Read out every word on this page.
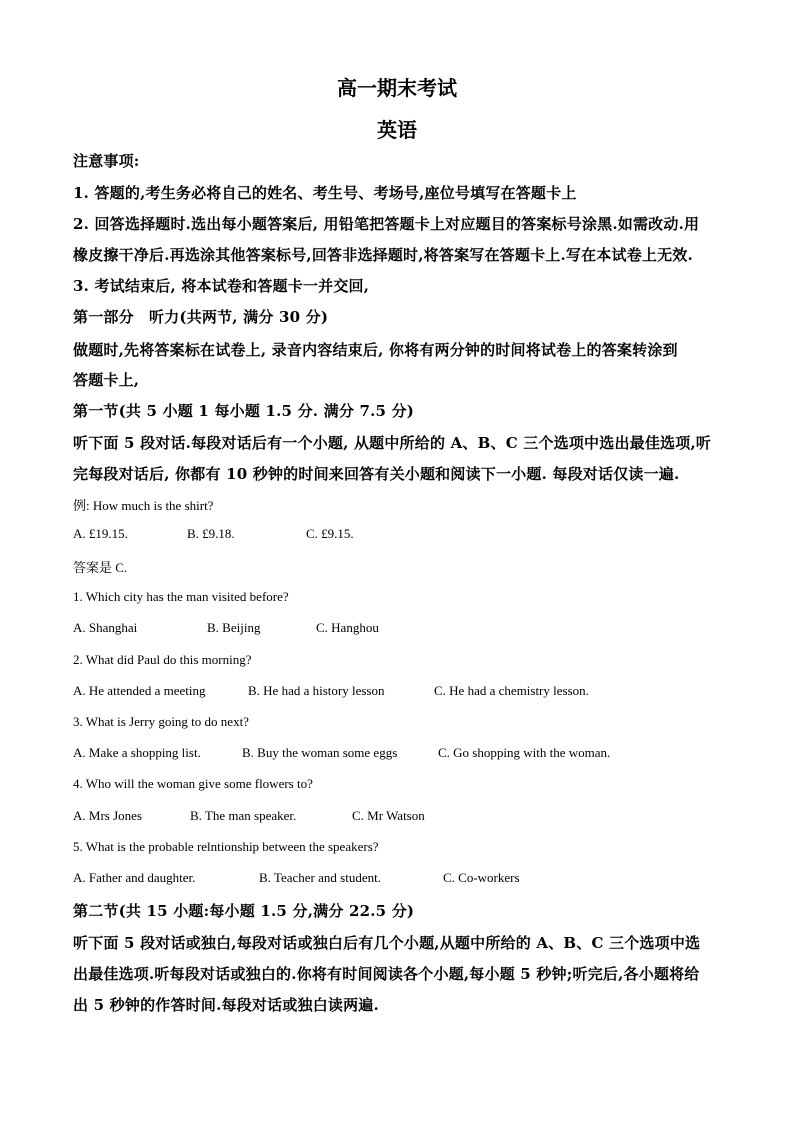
高一期末考试
英语
注意事项:
1. 答题的,考生务必将自己的姓名、考生号、考场号,座位号填写在答题卡上
2. 回答选择题时.选出每小题答案后, 用铅笔把答题卡上对应题目的答案标号涂黑.如需改动.用
橡皮擦干净后.再选涂其他答案标号,回答非选择题时,将答案写在答题卡上.写在本试卷上无效.
3. 考试结束后, 将本试卷和答题卡一并交回,
第一部分　听力(共两节, 满分 30 分)
做题时,先将答案标在试卷上, 录音内容结束后, 你将有两分钟的时间将试卷上的答案转涂到
答题卡上,
第一节(共 5 小题 1 每小题 1.5 分. 满分 7.5 分)
听下面 5 段对话.每段对话后有一个小题, 从题中所给的 A、B、C 三个选项中选出最佳选项,听
完每段对话后, 你都有 10 秒钟的时间来回答有关小题和阅读下一小题. 每段对话仅读一遍.
例: How much is the shirt?
A. £19.15.	B. £9.18.	C. £9.15.
答案是 C.
1. Which city has the man visited before?
A. Shanghai	B. Beijing	C. Hanghou
2. What did Paul do this morning?
A. He attended a meeting	B. He had a history lesson	C. He had a chemistry lesson.
3. What is Jerry going to do next?
A. Make a shopping list.	B. Buy the woman some eggs	C. Go shopping with the woman.
4. Who will the woman give some flowers to?
A. Mrs Jones	B. The man speaker.	C. Mr Watson
5. What is the probable relntionship between the speakers?
A. Father and daughter.	B. Teacher and student.	C. Co-workers
第二节(共 15 小题:每小题 1.5 分,满分 22.5 分)
听下面 5 段对话或独白,每段对话或独白后有几个小题,从题中所给的 A、B、C 三个选项中选
出最佳选项.听每段对话或独白的.你将有时间阅读各个小题,每小题 5 秒钟;听完后,各小题将给
出 5 秒钟的作答时间.每段对话或独白读两遍.
